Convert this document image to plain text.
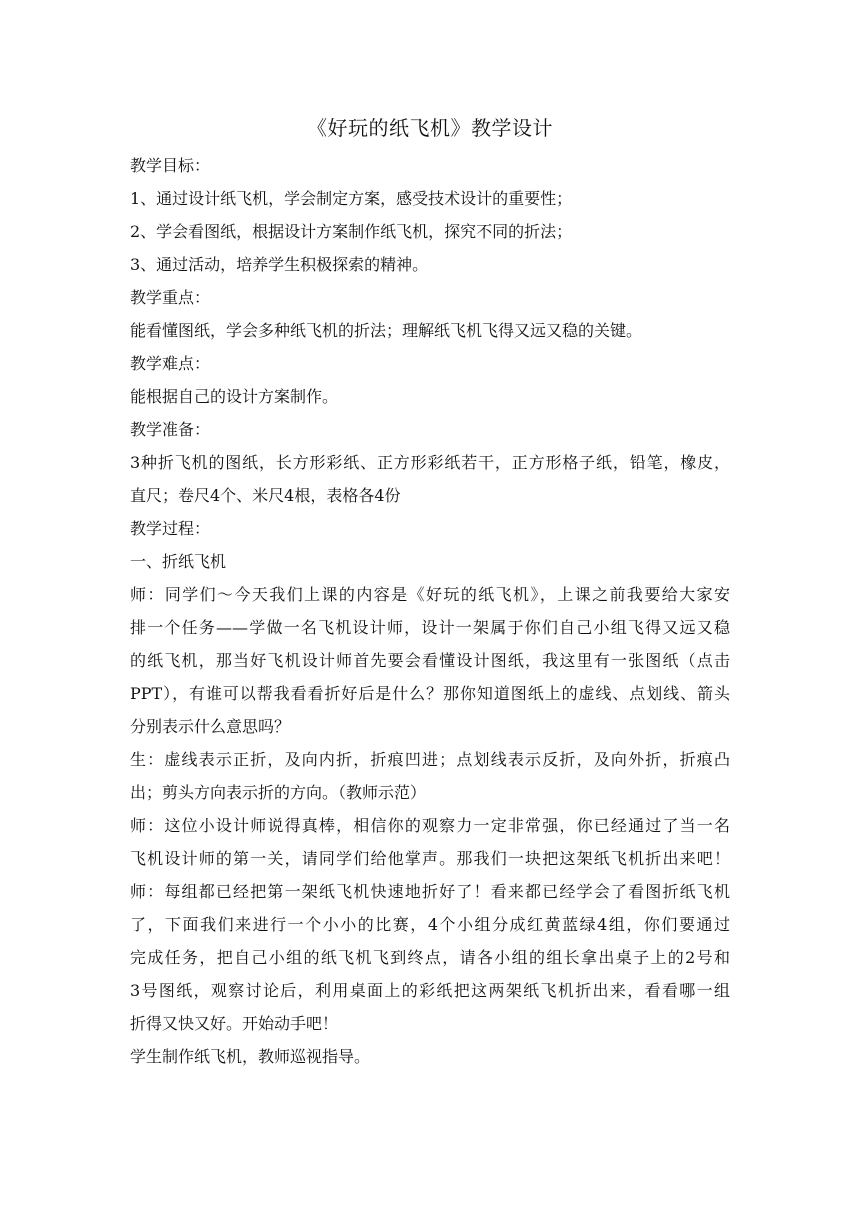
《好玩的纸飞机》教学设计
教学目标：
1、通过设计纸飞机，学会制定方案，感受技术设计的重要性；
2、学会看图纸，根据设计方案制作纸飞机，探究不同的折法；
3、通过活动，培养学生积极探索的精神。
教学重点：
能看懂图纸，学会多种纸飞机的折法；理解纸飞机飞得又远又稳的关键。
教学难点：
能根据自己的设计方案制作。
教学准备：
3种折飞机的图纸，长方形彩纸、正方形彩纸若干，正方形格子纸，铅笔，橡皮，
直尺；卷尺4个、米尺4根，表格各4份
教学过程：
一、折纸飞机
师：同学们～今天我们上课的内容是《好玩的纸飞机》，上课之前我要给大家安
排一个任务——学做一名飞机设计师，设计一架属于你们自己小组飞得又远又稳
的纸飞机，那当好飞机设计师首先要会看懂设计图纸，我这里有一张图纸（点击
PPT），有谁可以帮我看看折好后是什么？那你知道图纸上的虚线、点划线、箭头
分别表示什么意思吗？
生：虚线表示正折，及向内折，折痕凹进；点划线表示反折，及向外折，折痕凸
出；剪头方向表示折的方向。（教师示范）
师：这位小设计师说得真棒，相信你的观察力一定非常强，你已经通过了当一名
飞机设计师的第一关，请同学们给他掌声。那我们一块把这架纸飞机折出来吧！
师：每组都已经把第一架纸飞机快速地折好了！看来都已经学会了看图折纸飞机
了，下面我们来进行一个小小的比赛，4个小组分成红黄蓝绿4组，你们要通过
完成任务，把自己小组的纸飞机飞到终点，请各小组的组长拿出桌子上的2号和
3号图纸，观察讨论后，利用桌面上的彩纸把这两架纸飞机折出来，看看哪一组
折得又快又好。开始动手吧！
学生制作纸飞机，教师巡视指导。
